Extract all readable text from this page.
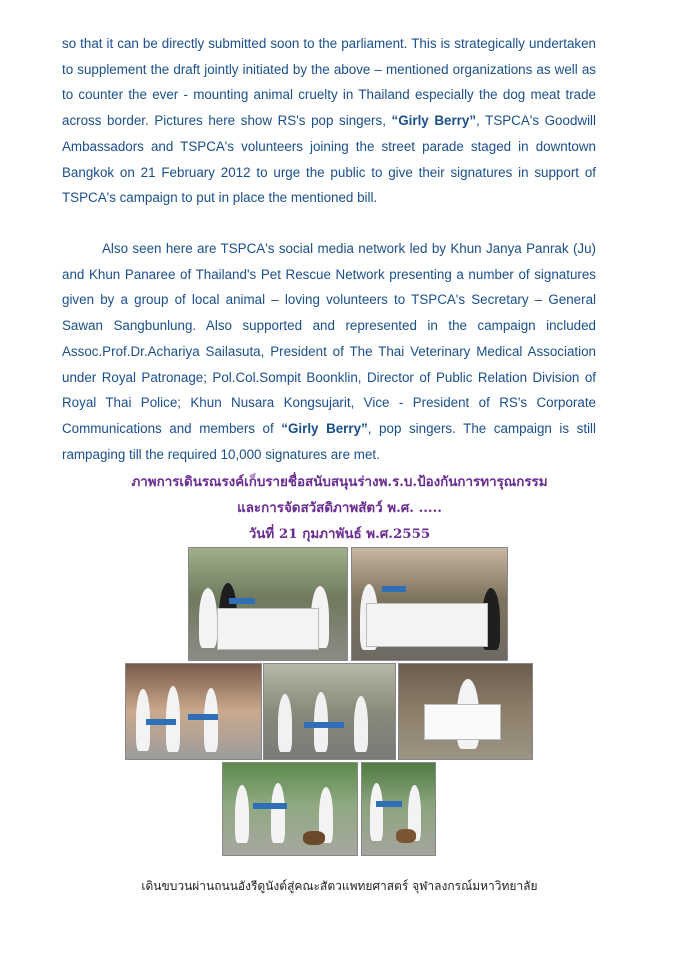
so that it can be directly submitted soon to the parliament. This is strategically undertaken to supplement the draft jointly initiated by the above – mentioned organizations as well as to counter the ever - mounting animal cruelty in Thailand especially the dog meat trade across border. Pictures here show RS's pop singers, “Girly Berry”, TSPCA's Goodwill Ambassadors and TSPCA's volunteers joining the street parade staged in downtown Bangkok on 21 February 2012 to urge the public to give their signatures in support of TSPCA's campaign to put in place the mentioned bill.
Also seen here are TSPCA's social media network led by Khun Janya Panrak (Ju) and Khun Panaree of Thailand's Pet Rescue Network presenting a number of signatures given by a group of local animal – loving volunteers to TSPCA's Secretary – General Sawan Sangbunlung. Also supported and represented in the campaign included Assoc.Prof.Dr.Achariya Sailasuta, President of The Thai Veterinary Medical Association under Royal Patronage; Pol.Col.Sompit Boonklin, Director of Public Relation Division of Royal Thai Police; Khun Nusara Kongsujarit, Vice - President of RS's Corporate Communications and members of “Girly Berry”, pop singers. The campaign is still rampaging till the required 10,000 signatures are met.
ภาพการเดินรณรงค์เก็บรายชื่อสนับสนุนร่างพ.ร.บ.ป้องกันการทารุณกรรม
และการจัดสวัสดิภาพสัตว์ พ.ศ. .....
วันที่ 21 กุมภาพันธ์ พ.ศ.2555
เดินขบวนผ่านถนนอังรีดูนังต์สู่คณะสัตวแพทยศาสตร์ จุฬาลงกรณ์มหาวิทยาลัย
